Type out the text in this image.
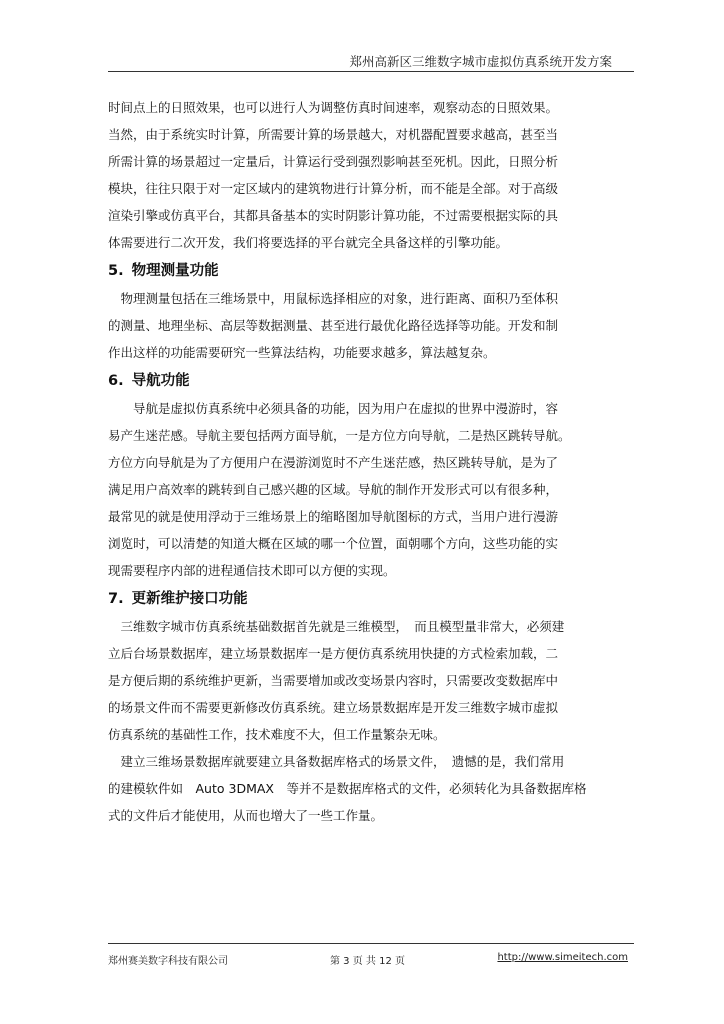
郑州高新区三维数字城市虚拟仿真系统开发方案
时间点上的日照效果，也可以进行人为调整仿真时间速率，观察动态的日照效果。
当然，由于系统实时计算，所需要计算的场景越大，对机器配置要求越高，甚至当
所需计算的场景超过一定量后，计算运行受到强烈影响甚至死机。因此，日照分析
模块，往往只限于对一定区域内的建筑物进行计算分析，而不能是全部。对于高级
渲染引擎或仿真平台，其都具备基本的实时阴影计算功能，不过需要根据实际的具
体需要进行二次开发，我们将要选择的平台就完全具备这样的引擎功能。
5. 物理测量功能
　物理测量包括在三维场景中，用鼠标选择相应的对象，进行距离、面积乃至体积
的测量、地理坐标、高层等数据测量、甚至进行最优化路径选择等功能。开发和制
作出这样的功能需要研究一些算法结构，功能要求越多，算法越复杂。
6. 导航功能
　　导航是虚拟仿真系统中必须具备的功能，因为用户在虚拟的世界中漫游时，容
易产生迷茫感。导航主要包括两方面导航，一是方位方向导航，二是热区跳转导航。
方位方向导航是为了方便用户在漫游浏览时不产生迷茫感，热区跳转导航，是为了
满足用户高效率的跳转到自己感兴趣的区域。导航的制作开发形式可以有很多种，
最常见的就是使用浮动于三维场景上的缩略图加导航图标的方式，当用户进行漫游
浏览时，可以清楚的知道大概在区域的哪一个位置，面朝哪个方向，这些功能的实
现需要程序内部的进程通信技术即可以方便的实现。
7. 更新维护接口功能
　三维数字城市仿真系统基础数据首先就是三维模型，　而且模型量非常大，必须建
立后台场景数据库，建立场景数据库一是方便仿真系统用快捷的方式检索加载，二
是方便后期的系统维护更新，当需要增加或改变场景内容时，只需要改变数据库中
的场景文件而不需要更新修改仿真系统。建立场景数据库是开发三维数字城市虚拟
仿真系统的基础性工作，技术难度不大，但工作量繁杂无味。
　建立三维场景数据库就要建立具备数据库格式的场景文件，　遗憾的是，我们常用
的建模软件如　Auto 3DMAX　等并不是数据库格式的文件，必须转化为具备数据库格
式的文件后才能使用，从而也增大了一些工作量。
郑州赛美数字科技有限公司	第 3 页 共 12 页	http://www.simeitech.com
